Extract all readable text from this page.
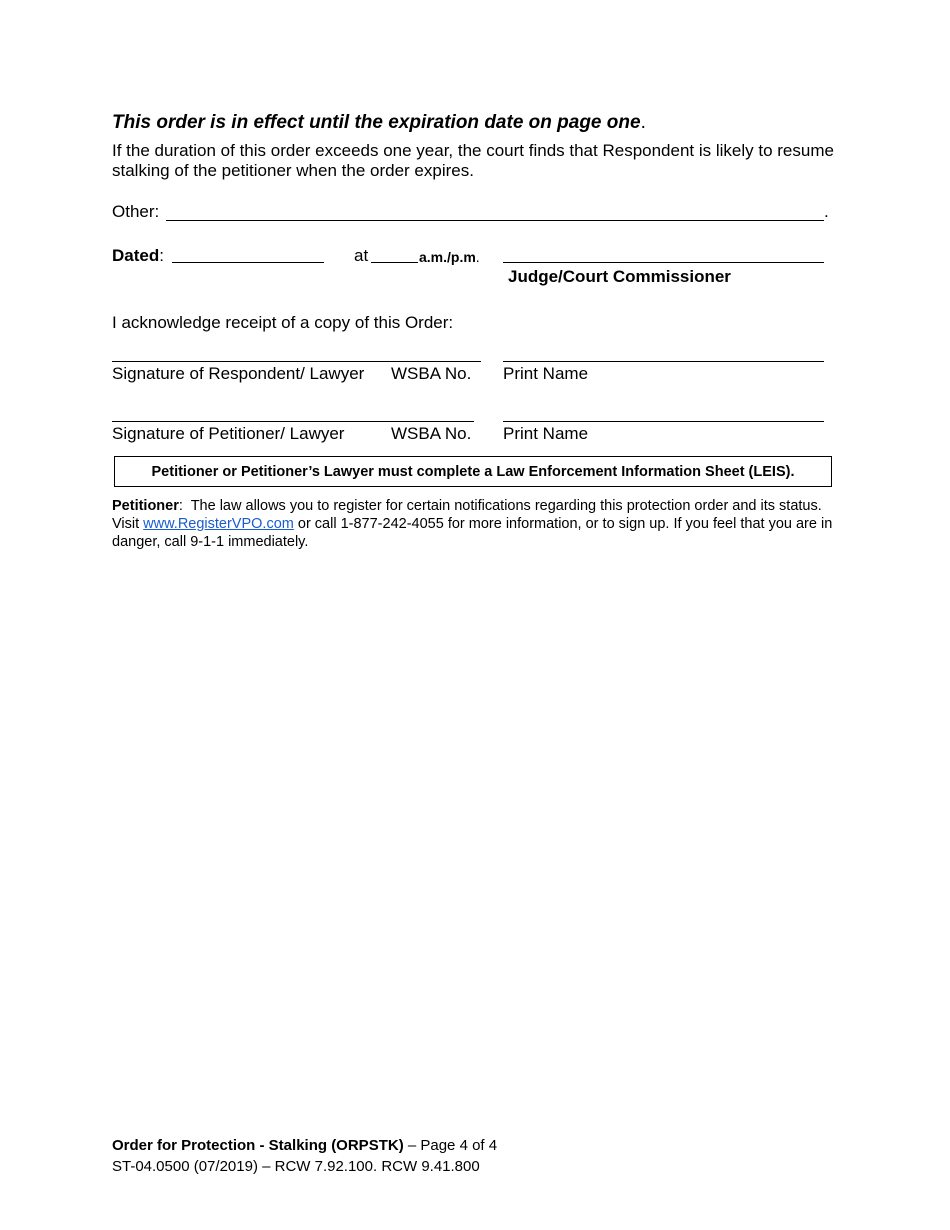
This order is in effect until the expiration date on page one.
If the duration of this order exceeds one year, the court finds that Respondent is likely to resume stalking of the petitioner when the order expires.
Other:	.
Dated:	at	a.m./p.m.
Judge/Court Commissioner
I acknowledge receipt of a copy of this Order:
Signature of Respondent/ Lawyer WSBA No. Print Name
Signature of Petitioner/ Lawyer	WSBA No. Print Name
Petitioner or Petitioner’s Lawyer must complete a Law Enforcement Information Sheet (LEIS).
Petitioner:  The law allows you to register for certain notifications regarding this protection order and its status. Visit www.RegisterVPO.com or call 1-877-242-4055 for more information, or to sign up. If you feel that you are in danger, call 9-1-1 immediately.
Order for Protection - Stalking (ORPSTK) – Page 4 of 4
ST-04.0500 (07/2019) – RCW 7.92.100. RCW 9.41.800
